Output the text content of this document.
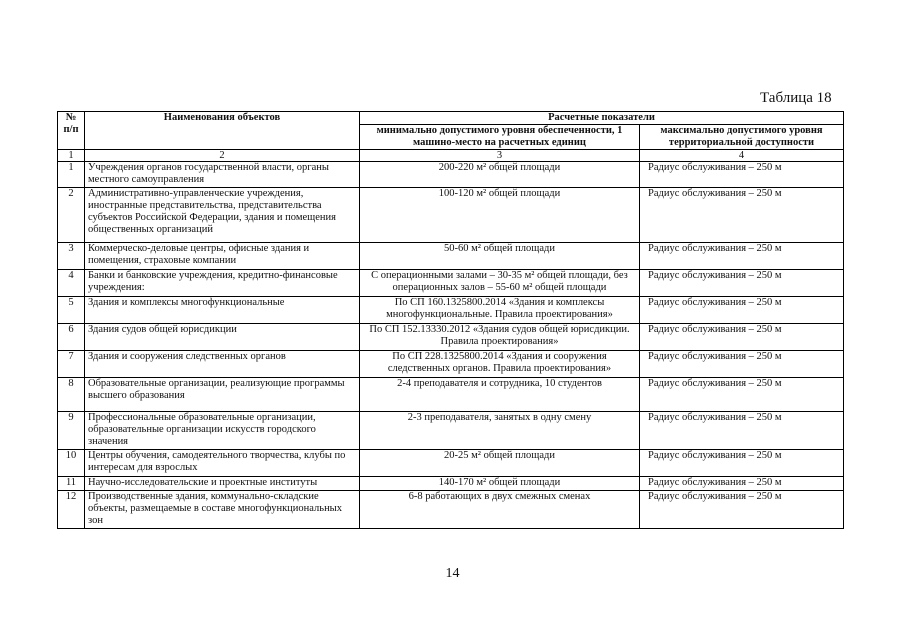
Таблица 18
№ п/п	Наименования объектов	Расчетные показатели	
		минимально допустимого уровня обеспеченности, 1 машино-место на расчетных единиц	максимально допустимого уровня территориальной доступности
1	2	3	4
1	Учреждения органов государственной власти, органы местного самоуправления	200-220 м² общей площади	Радиус обслуживания – 250 м
2	Административно-управленческие учреждения, иностранные представительства, представительства субъектов Российской Федерации, здания и помещения общественных организаций	100-120 м² общей площади	Радиус обслуживания – 250 м
3	Коммерческо-деловые центры, офисные здания и помещения, страховые компании	50-60 м² общей площади	Радиус обслуживания – 250 м
4	Банки и банковские учреждения, кредитно-финансовые учреждения:	С операционными залами – 30-35 м² общей площади, без операционных залов – 55-60 м² общей площади	Радиус обслуживания – 250 м
5	Здания и комплексы многофункциональные	По СП 160.1325800.2014 «Здания и комплексы многофункциональные. Правила проектирования»	Радиус обслуживания – 250 м
6	Здания судов общей юрисдикции	По СП 152.13330.2012 «Здания судов общей юрисдикции. Правила проектирования»	Радиус обслуживания – 250 м
7	Здания и сооружения следственных органов	По СП 228.1325800.2014 «Здания и сооружения следственных органов. Правила проектирования»	Радиус обслуживания – 250 м
8	Образовательные организации, реализующие программы высшего образования	2-4 преподавателя и сотрудника, 10 студентов	Радиус обслуживания – 250 м
9	Профессиональные образовательные организации, образовательные организации искусств городского значения	2-3 преподавателя, занятых в одну смену	Радиус обслуживания – 250 м
10	Центры обучения, самодеятельного творчества, клубы по интересам для взрослых	20-25 м² общей площади	Радиус обслуживания – 250 м
11	Научно-исследовательские и проектные институты	140-170 м² общей площади	Радиус обслуживания – 250 м
12	Производственные здания, коммунально-складские объекты, размещаемые в составе многофункциональных зон	6-8 работающих в двух смежных сменах	Радиус обслуживания – 250 м
14
